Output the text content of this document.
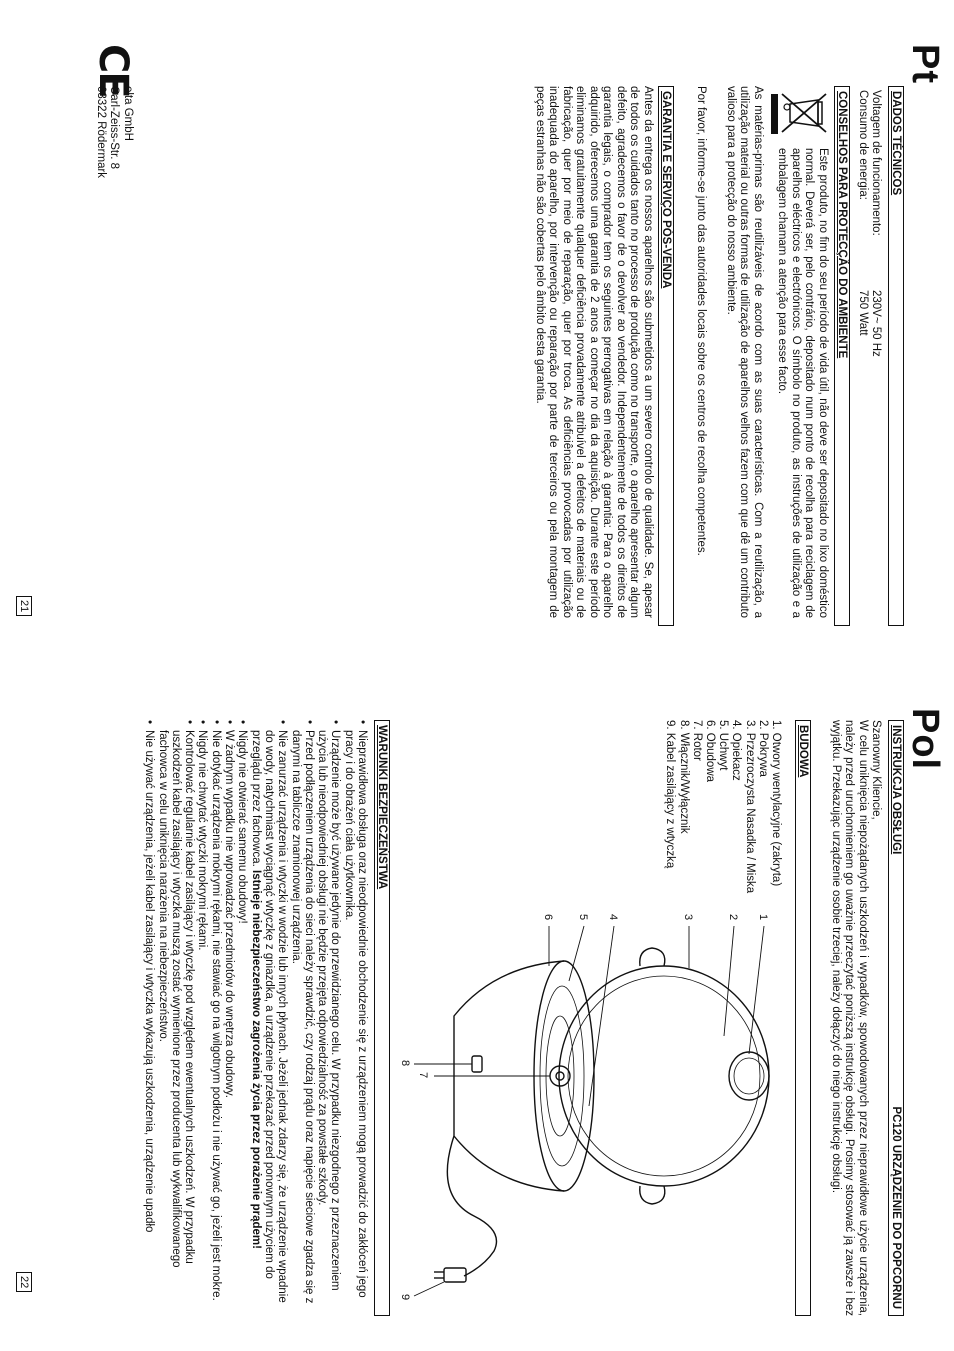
Pt
DADOS TÉCNICOS
Voltagem de funcionamento:
230V~ 50 Hz
Consumo de energia:
750 Watt
CONSELHOS PARA PROTECÇÃO DO AMBIENTE
Este produto, no fim do seu período de vida útil, não deve ser depositado no lixo doméstico normal. Deverá ser, pelo contrário, depositado num ponto de recolha para reciclagem de aparelhos eléctricos e electrónicos. O símbolo no produto, as instruções de utilização e a embalagem chamam a atenção para esse facto.
As matérias-primas são reutilizáveis de acordo com as suas características. Com a reutilização, a utilização material ou outras formas de utilização de aparelhos velhos fazem com que dê um contributo valioso para a protecção do nosso ambiente.
Por favor, informe-se junto das autoridades locais sobre os centros de recolha competentes.
GARANTIA E SERVIÇO PÓS-VENDA
Antes da entrega os nossos aparelhos são submetidos a um severo controlo de qualidade. Se, apesar de todos os cuidados tanto no processo de produção como no transporte, o aparelho apresentar algum defeito, agradecemos o favor de o devolver ao vendedor. Independentemente de todos os direitos de garantia legais, o comprador tem os seguintes prerrogativas em relação à garantia: Para o aparelho adquirido, oferecemos uma garantia de 2 anos a começar no dia da aquisição. Durante este período eliminamos gratuitamente qualquer deficiência provadamente atribuível a defeitos de materiais ou de fabricação, quer por meio de reparação, quer por troca. As deficiências provocadas por utilização inadequada do aparelho, por intervenção ou reparação por parte de terceiros ou pela montagem de peças estranhas não são cobertas pelo âmbito desta garantia.
CE
elta GmbH
Carl-Zeiss-Str. 8
63322 Rödermark
21
Pol
INSTRUKCJA OBSŁUGI
PC120 URZĄDZENIE DO POPCORNU
Szanowny Kliencie,
W celu uniknięcia niepożądanych uszkodzeń i wypadków, spowodowanych przez nieprawidłowe użycie urządzenia, należy przed uruchomieniem go uważnie przeczytać poniższą instrukcję obsługi. Prosimy stosować ją zawsze i bez wyjątku. Przekazując urządzenie osobie trzeciej, należy dołączyć do niego instrukcję obsługi.
BUDOWA
1. Otwory wentylacyjne (zakryta)
2. Pokrywa
3. Przezroczysta Nasadka / Miska
4. Opiekacz
5. Uchwyt
6. Obudowa
7. Rotor
8. Włącznik/Wyłącznik
9. Kabel zasilający z wtyczką
1
2
3
4
5
6
7
8
9
WARUNKI BEZPIECZEŃSTWA
• Nieprawidłowa obsługa oraz nieodpowiednie obchodzenie się z urządzeniem mogą prowadzić do zakłóceń jego pracy i do obrażeń ciała użytkownika.
• Urządzenie może być używane jedynie do przewidzianego celu. W przypadku niezgodnego z przeznaczeniem użycia lub nieodpowiedniej obsługi nie będzie przejęta odpowiedzialność za powstałe szkody.
• Przed podłączeniem urządzenia do sieci należy sprawdzić, czy rodzaj prądu oraz napięcie sieciowe zgadza się z danymi na tabliczce znamionowej urządzenia.
• Nie zanurzać urządzenia i wtyczki w wodzie lub innych płynach. Jeżeli jednak zdarzy się, że urządzenie wpadnie do wody, natychmiast wyciągnąć wtyczkę z gniazdka, a urządzenie przekazać przed ponownym użyciem do przeglądu przez fachowca. Istnieje niebezpieczeństwo zagrożenia życia przez porażenie prądem!
• Nigdy nie otwierać samemu obudowy!
• W żadnym wypadku nie wprowadzać przedmiotów do wnętrza obudowy.
• Nie dotykać urządzenia mokrymi rękami, nie stawiać go na wilgotnym podłożu i nie używać go, jeżeli jest mokre.
• Nigdy nie chwytać wtyczki mokrymi rękami.
• Kontrolować regularnie kabel zasilający i wtyczkę pod względem ewentualnych uszkodzeń. W przypadku uszkodzeń kabel zasilający i wtyczka muszą zostać wymienione przez producenta lub wykwalifikowanego fachowca w celu uniknięcia narażenia na niebezpieczeństwo.
• Nie używać urządzenia, jeżeli kabel zasilający i wtyczka wykazują uszkodzenia, urządzenie upadło
22
